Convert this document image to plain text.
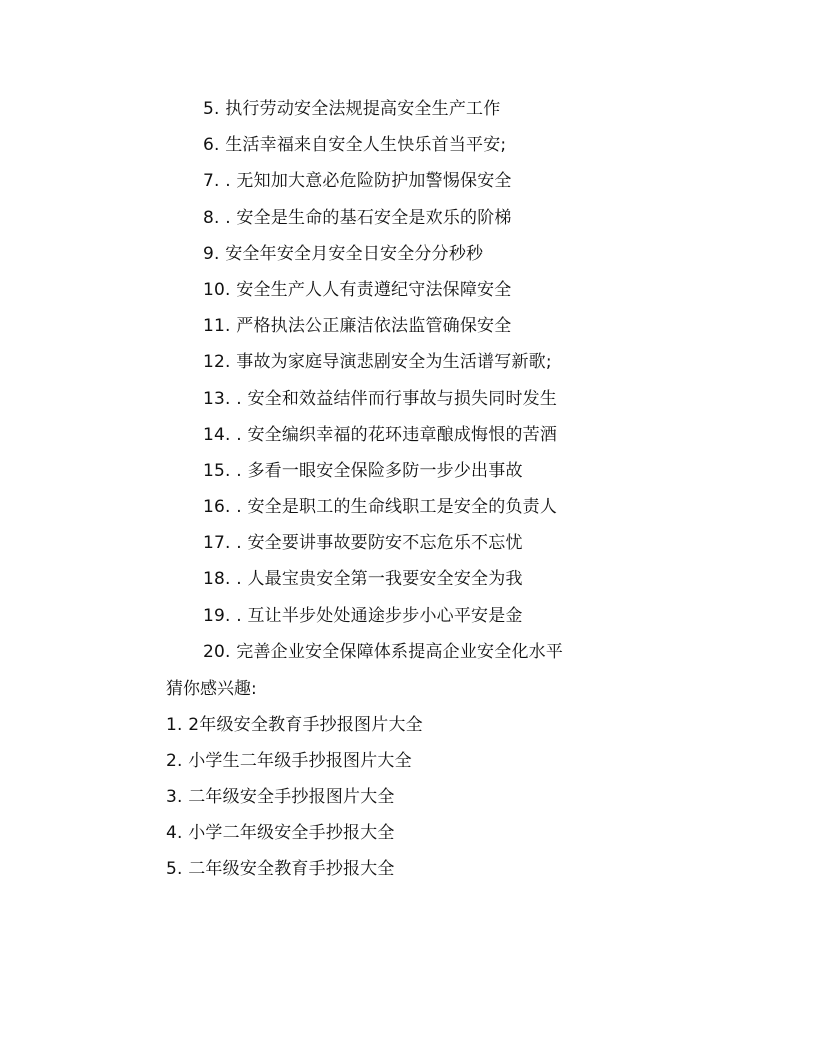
5. 执行劳动安全法规提高安全生产工作
6. 生活幸福来自安全人生快乐首当平安;
7. . 无知加大意必危险防护加警惕保安全
8. . 安全是生命的基石安全是欢乐的阶梯
9. 安全年安全月安全日安全分分秒秒
10. 安全生产人人有责遵纪守法保障安全
11. 严格执法公正廉洁依法监管确保安全
12. 事故为家庭导演悲剧安全为生活谱写新歌;
13. . 安全和效益结伴而行事故与损失同时发生
14. . 安全编织幸福的花环违章酿成悔恨的苦酒
15. . 多看一眼安全保险多防一步少出事故
16. . 安全是职工的生命线职工是安全的负责人
17. . 安全要讲事故要防安不忘危乐不忘忧
18. . 人最宝贵安全第一我要安全安全为我
19. . 互让半步处处通途步步小心平安是金
20. 完善企业安全保障体系提高企业安全化水平
猜你感兴趣:
1. 2年级安全教育手抄报图片大全
2. 小学生二年级手抄报图片大全
3. 二年级安全手抄报图片大全
4. 小学二年级安全手抄报大全
5. 二年级安全教育手抄报大全
